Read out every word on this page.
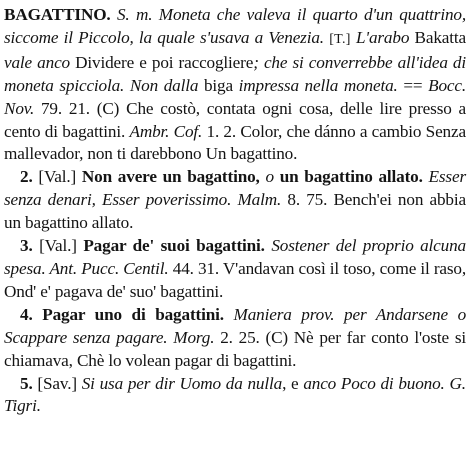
BAGATTINO. S. m. Moneta che valeva il quarto d'un quattrino, siccome il Piccolo, la quale s'usava a Venezia. [T.] L'arabo Bakatta vale anco Dividere e poi raccogliere; che si converrebbe all'idea di moneta spicciola. Non dalla biga impressa nella moneta. == Bocc. Nov. 79. 21. (C) Che costò, contata ogni cosa, delle lire presso a cento di bagattini. Ambr. Cof. 1. 2. Color, che dánno a cambio Senza mallevador, non ti darebbono Un bagattino.

2. [Val.] Non avere un bagattino, o un bagattino allato. Esser senza denari, Esser poverissimo. Malm. 8. 75. Bench'ei non abbia un bagattino allato.

3. [Val.] Pagar de' suoi bagattini. Sostener del proprio alcuna spesa. Ant. Pucc. Centil. 44. 31. V'andavan così il toso, come il raso, Ond' e' pagava de' suo' bagattini.

4. Pagar uno di bagattini. Maniera prov. per Andarsene o Scappare senza pagare. Morg. 2. 25. (C) Nè per far conto l'oste si chiamava, Chè lo volean pagar di bagattini.

5. [Sav.] Si usa per dir Uomo da nulla, e anco Poco di buono. G. Tigri.
